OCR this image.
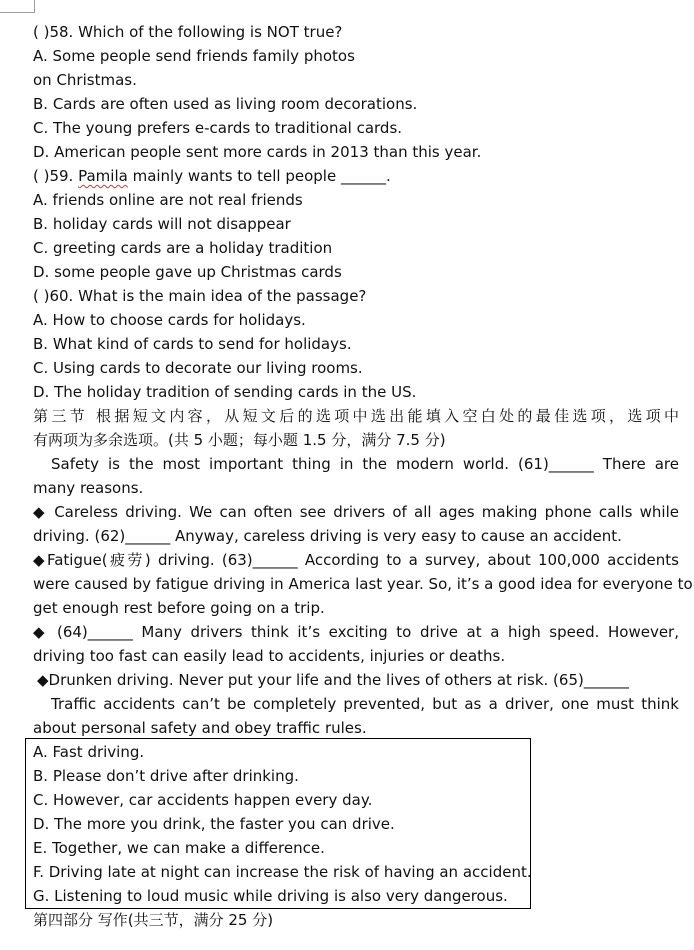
( )58. Which of the following is NOT true?
A. Some people send friends family photos
on Christmas.
B. Cards are often used as living room decorations.
C. The young prefers e-cards to traditional cards.
D. American people sent more cards in 2013 than this year.
( )59. Pamila mainly wants to tell people ______.
A. friends online are not real friends
B. holiday cards will not disappear
C. greeting cards are a holiday tradition
D. some people gave up Christmas cards
( )60. What is the main idea of the passage?
A. How to choose cards for holidays.
B. What kind of cards to send for holidays.
C. Using cards to decorate our living rooms.
D. The holiday tradition of sending cards in the US.
第三节 根据短文内容，从短文后的选项中选出能填入空白处的最佳选项，选项中
有两项为多余选项。(共 5 小题；每小题 1.5 分，满分 7.5 分)
Safety is the most important thing in the modern world. (61)______ There are
many reasons.
◆ Careless driving. We can often see drivers of all ages making phone calls while
driving. (62)______ Anyway, careless driving is very easy to cause an accident.
◆Fatigue(疲劳) driving. (63)______ According to a survey, about 100,000 accidents
were caused by fatigue driving in America last year. So, it’s a good idea for everyone to
get enough rest before going on a trip.
◆ (64)______ Many drivers think it’s exciting to drive at a high speed. However,
driving too fast can easily lead to accidents, injuries or deaths.
◆Drunken driving. Never put your life and the lives of others at risk. (65)______
Traffic accidents can’t be completely prevented, but as a driver, one must think
about personal safety and obey traffic rules.
A. Fast driving.
B. Please don’t drive after drinking.
C. However, car accidents happen every day.
D. The more you drink, the faster you can drive.
E. Together, we can make a difference.
F. Driving late at night can increase the risk of having an accident.
G. Listening to loud music while driving is also very dangerous.
第四部分 写作(共三节，满分 25 分)
